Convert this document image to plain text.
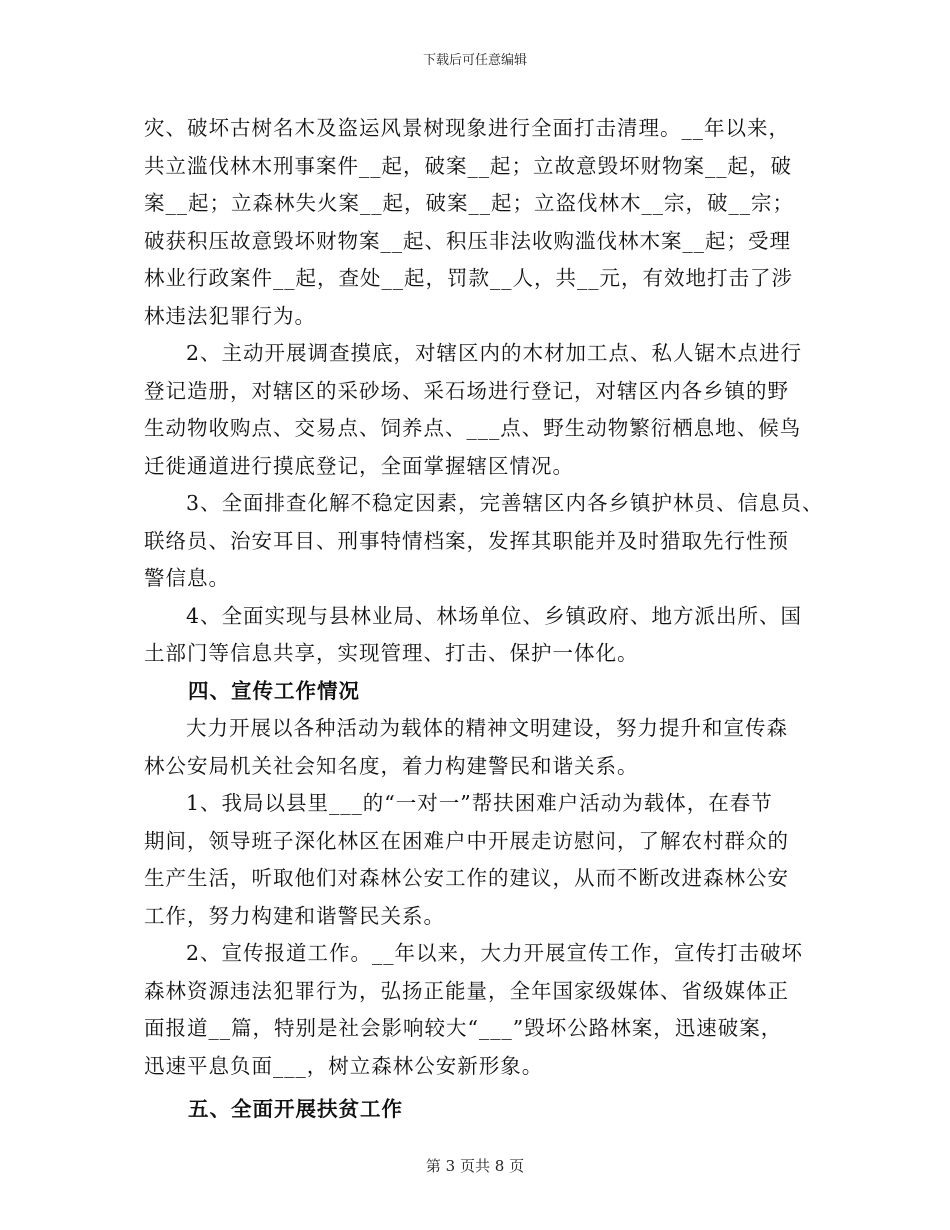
下载后可任意编辑
灾、破坏古树名木及盗运风景树现象进行全面打击清理。__年以来，
共立滥伐林木刑事案件__起，破案__起；立故意毁坏财物案__起，破
案__起；立森林失火案__起，破案__起；立盗伐林木__宗，破__宗；
破获积压故意毁坏财物案__起、积压非法收购滥伐林木案__起；受理
林业行政案件__起，查处__起，罚款__人，共__元，有效地打击了涉
林违法犯罪行为。
2、主动开展调查摸底，对辖区内的木材加工点、私人锯木点进行
登记造册，对辖区的采砂场、采石场进行登记，对辖区内各乡镇的野
生动物收购点、交易点、饲养点、___点、野生动物繁衍栖息地、候鸟
迁徙通道进行摸底登记，全面掌握辖区情况。
3、全面排查化解不稳定因素，完善辖区内各乡镇护林员、信息员、
联络员、治安耳目、刑事特情档案，发挥其职能并及时猎取先行性预
警信息。
4、全面实现与县林业局、林场单位、乡镇政府、地方派出所、国
土部门等信息共享，实现管理、打击、保护一体化。
四、宣传工作情况
大力开展以各种活动为载体的精神文明建设，努力提升和宣传森
林公安局机关社会知名度，着力构建警民和谐关系。
1、我局以县里___的“一对一”帮扶困难户活动为载体，在春节
期间，领导班子深化林区在困难户中开展走访慰问，了解农村群众的
生产生活，听取他们对森林公安工作的建议，从而不断改进森林公安
工作，努力构建和谐警民关系。
2、宣传报道工作。__年以来，大力开展宣传工作，宣传打击破坏
森林资源违法犯罪行为，弘扬正能量，全年国家级媒体、省级媒体正
面报道__篇，特别是社会影响较大“___”毁坏公路林案，迅速破案，
迅速平息负面___，树立森林公安新形象。
五、全面开展扶贫工作
第 3 页共 8 页
